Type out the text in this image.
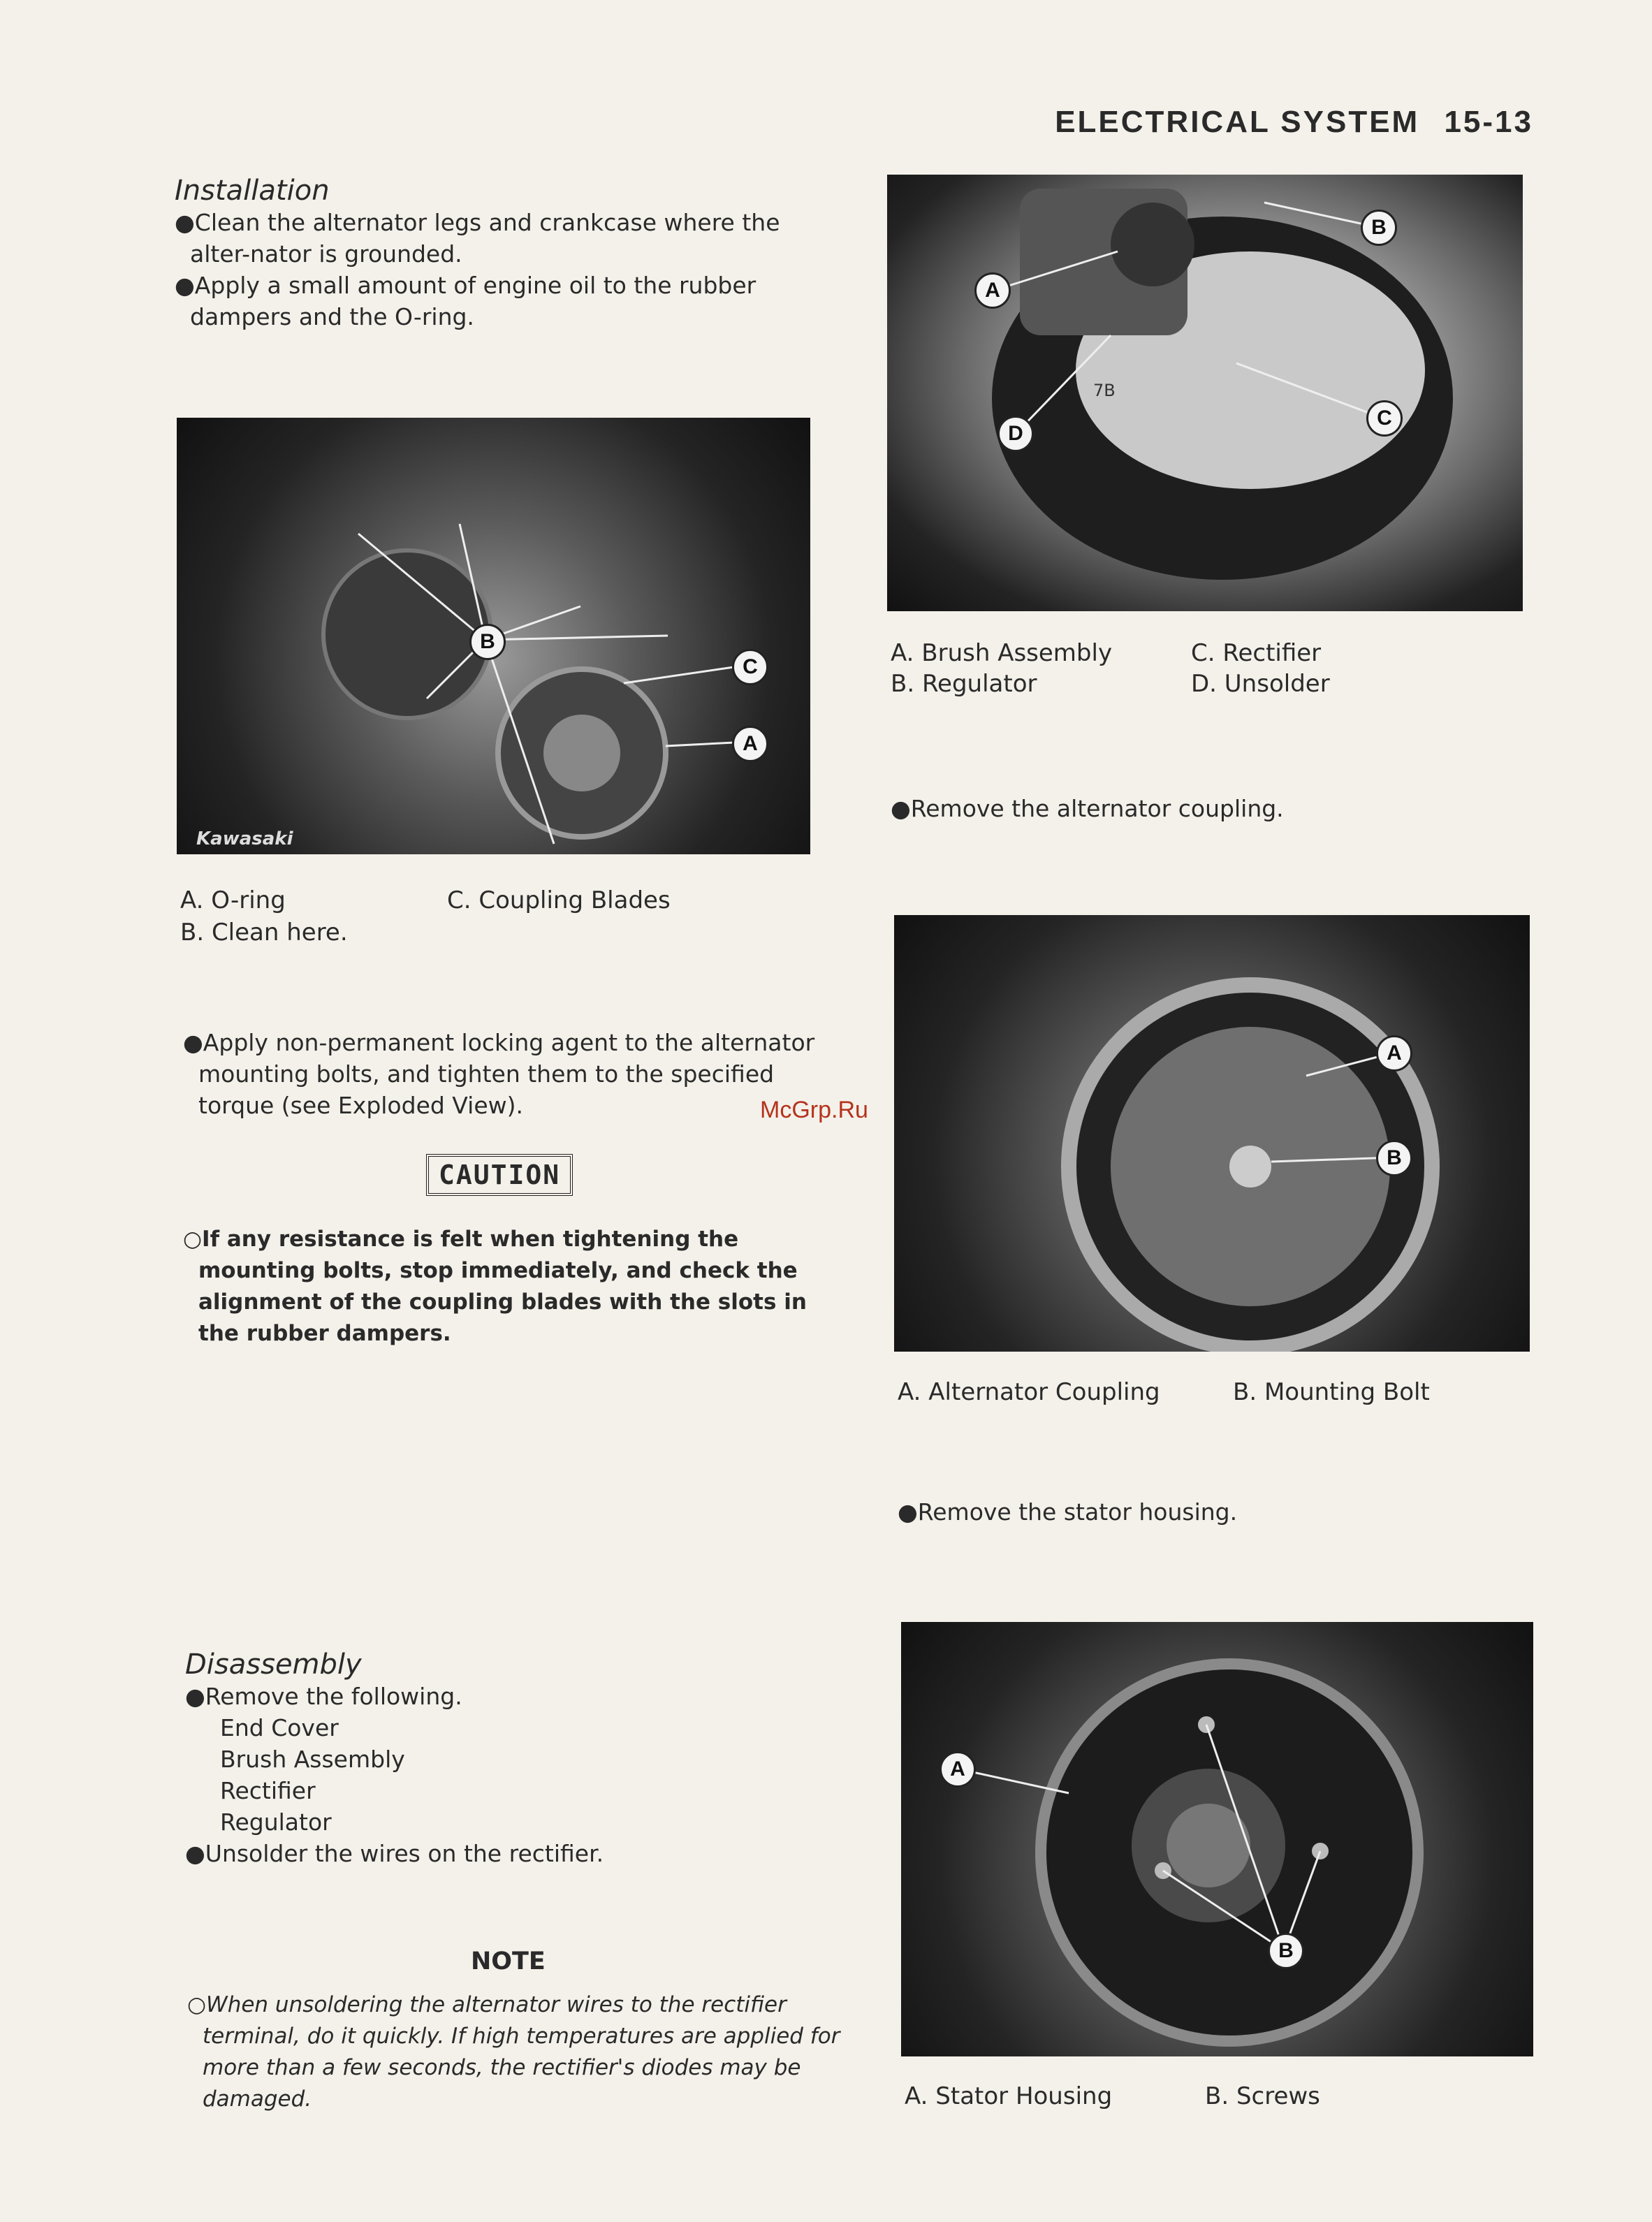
ELECTRICAL SYSTEM 15-13
Installation
●Clean the alternator legs and crankcase where the alter-nator is grounded.
●Apply a small amount of engine oil to the rubber dampers and the O-ring.
Kawasaki
B
C
A
A. O-ring
B. Clean here.
C. Coupling Blades
●Apply non-permanent locking agent to the alternator mounting bolts, and tighten them to the specified torque (see Exploded View).
CAUTION
○If any resistance is felt when tightening the mounting bolts, stop immediately, and check the alignment of the coupling blades with the slots in the rubber dampers.
Disassembly
●Remove the following.
End Cover
Brush Assembly
Rectifier
Regulator
●Unsolder the wires on the rectifier.
NOTE
○When unsoldering the alternator wires to the rectifier terminal, do it quickly. If high temperatures are applied for more than a few seconds, the rectifier's diodes may be damaged.
7B
A
B
C
D
A. Brush Assembly
B. Regulator
C. Rectifier
D. Unsolder
●Remove the alternator coupling.
McGrp.Ru
A
B
A. Alternator Coupling	B. Mounting Bolt
●Remove the stator housing.
A
B
A. Stator Housing	B. Screws
